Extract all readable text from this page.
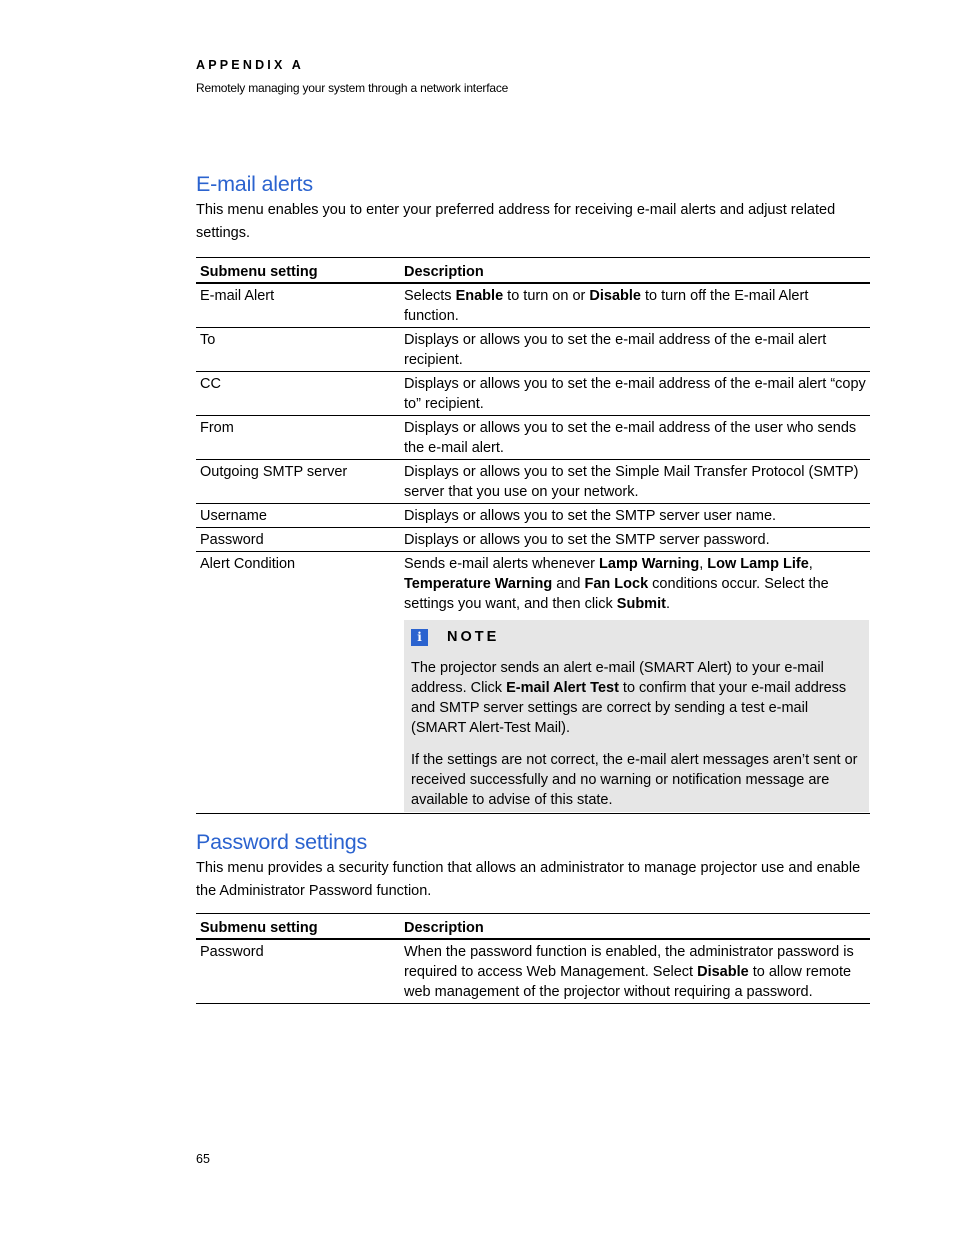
APPENDIX A
Remotely managing your system through a network interface
E-mail alerts

This menu enables you to enter your preferred address for receiving e-mail alerts and adjust related settings.

Submenu setting	Description
E-mail Alert	Selects Enable to turn on or Disable to turn off the E-mail Alert function.
To	Displays or allows you to set the e-mail address of the e-mail alert recipient.
CC	Displays or allows you to set the e-mail address of the e-mail alert “copy to” recipient.
From	Displays or allows you to set the e-mail address of the user who sends the e-mail alert.
Outgoing SMTP server	Displays or allows you to set the Simple Mail Transfer Protocol (SMTP) server that you use on your network.
Username	Displays or allows you to set the SMTP server user name.
Password	Displays or allows you to set the SMTP server password.
Alert Condition	Sends e-mail alerts whenever Lamp Warning, Low Lamp Life, Temperature Warning and Fan Lock conditions occur. Select the settings you want, and then click Submit.
i NOTE

The projector sends an alert e-mail (SMART Alert) to your e-mail address. Click E-mail Alert Test to confirm that your e-mail address and SMTP server settings are correct by sending a test e-mail (SMART Alert-Test Mail).

If the settings are not correct, the e-mail alert messages aren’t sent or received successfully and no warning or notification message are available to advise of this state.

Password settings

This menu provides a security function that allows an administrator to manage projector use and enable the Administrator Password function.

Submenu setting	Description
Password	When the password function is enabled, the administrator password is required to access Web Management. Select Disable to allow remote web management of the projector without requiring a password.
65
